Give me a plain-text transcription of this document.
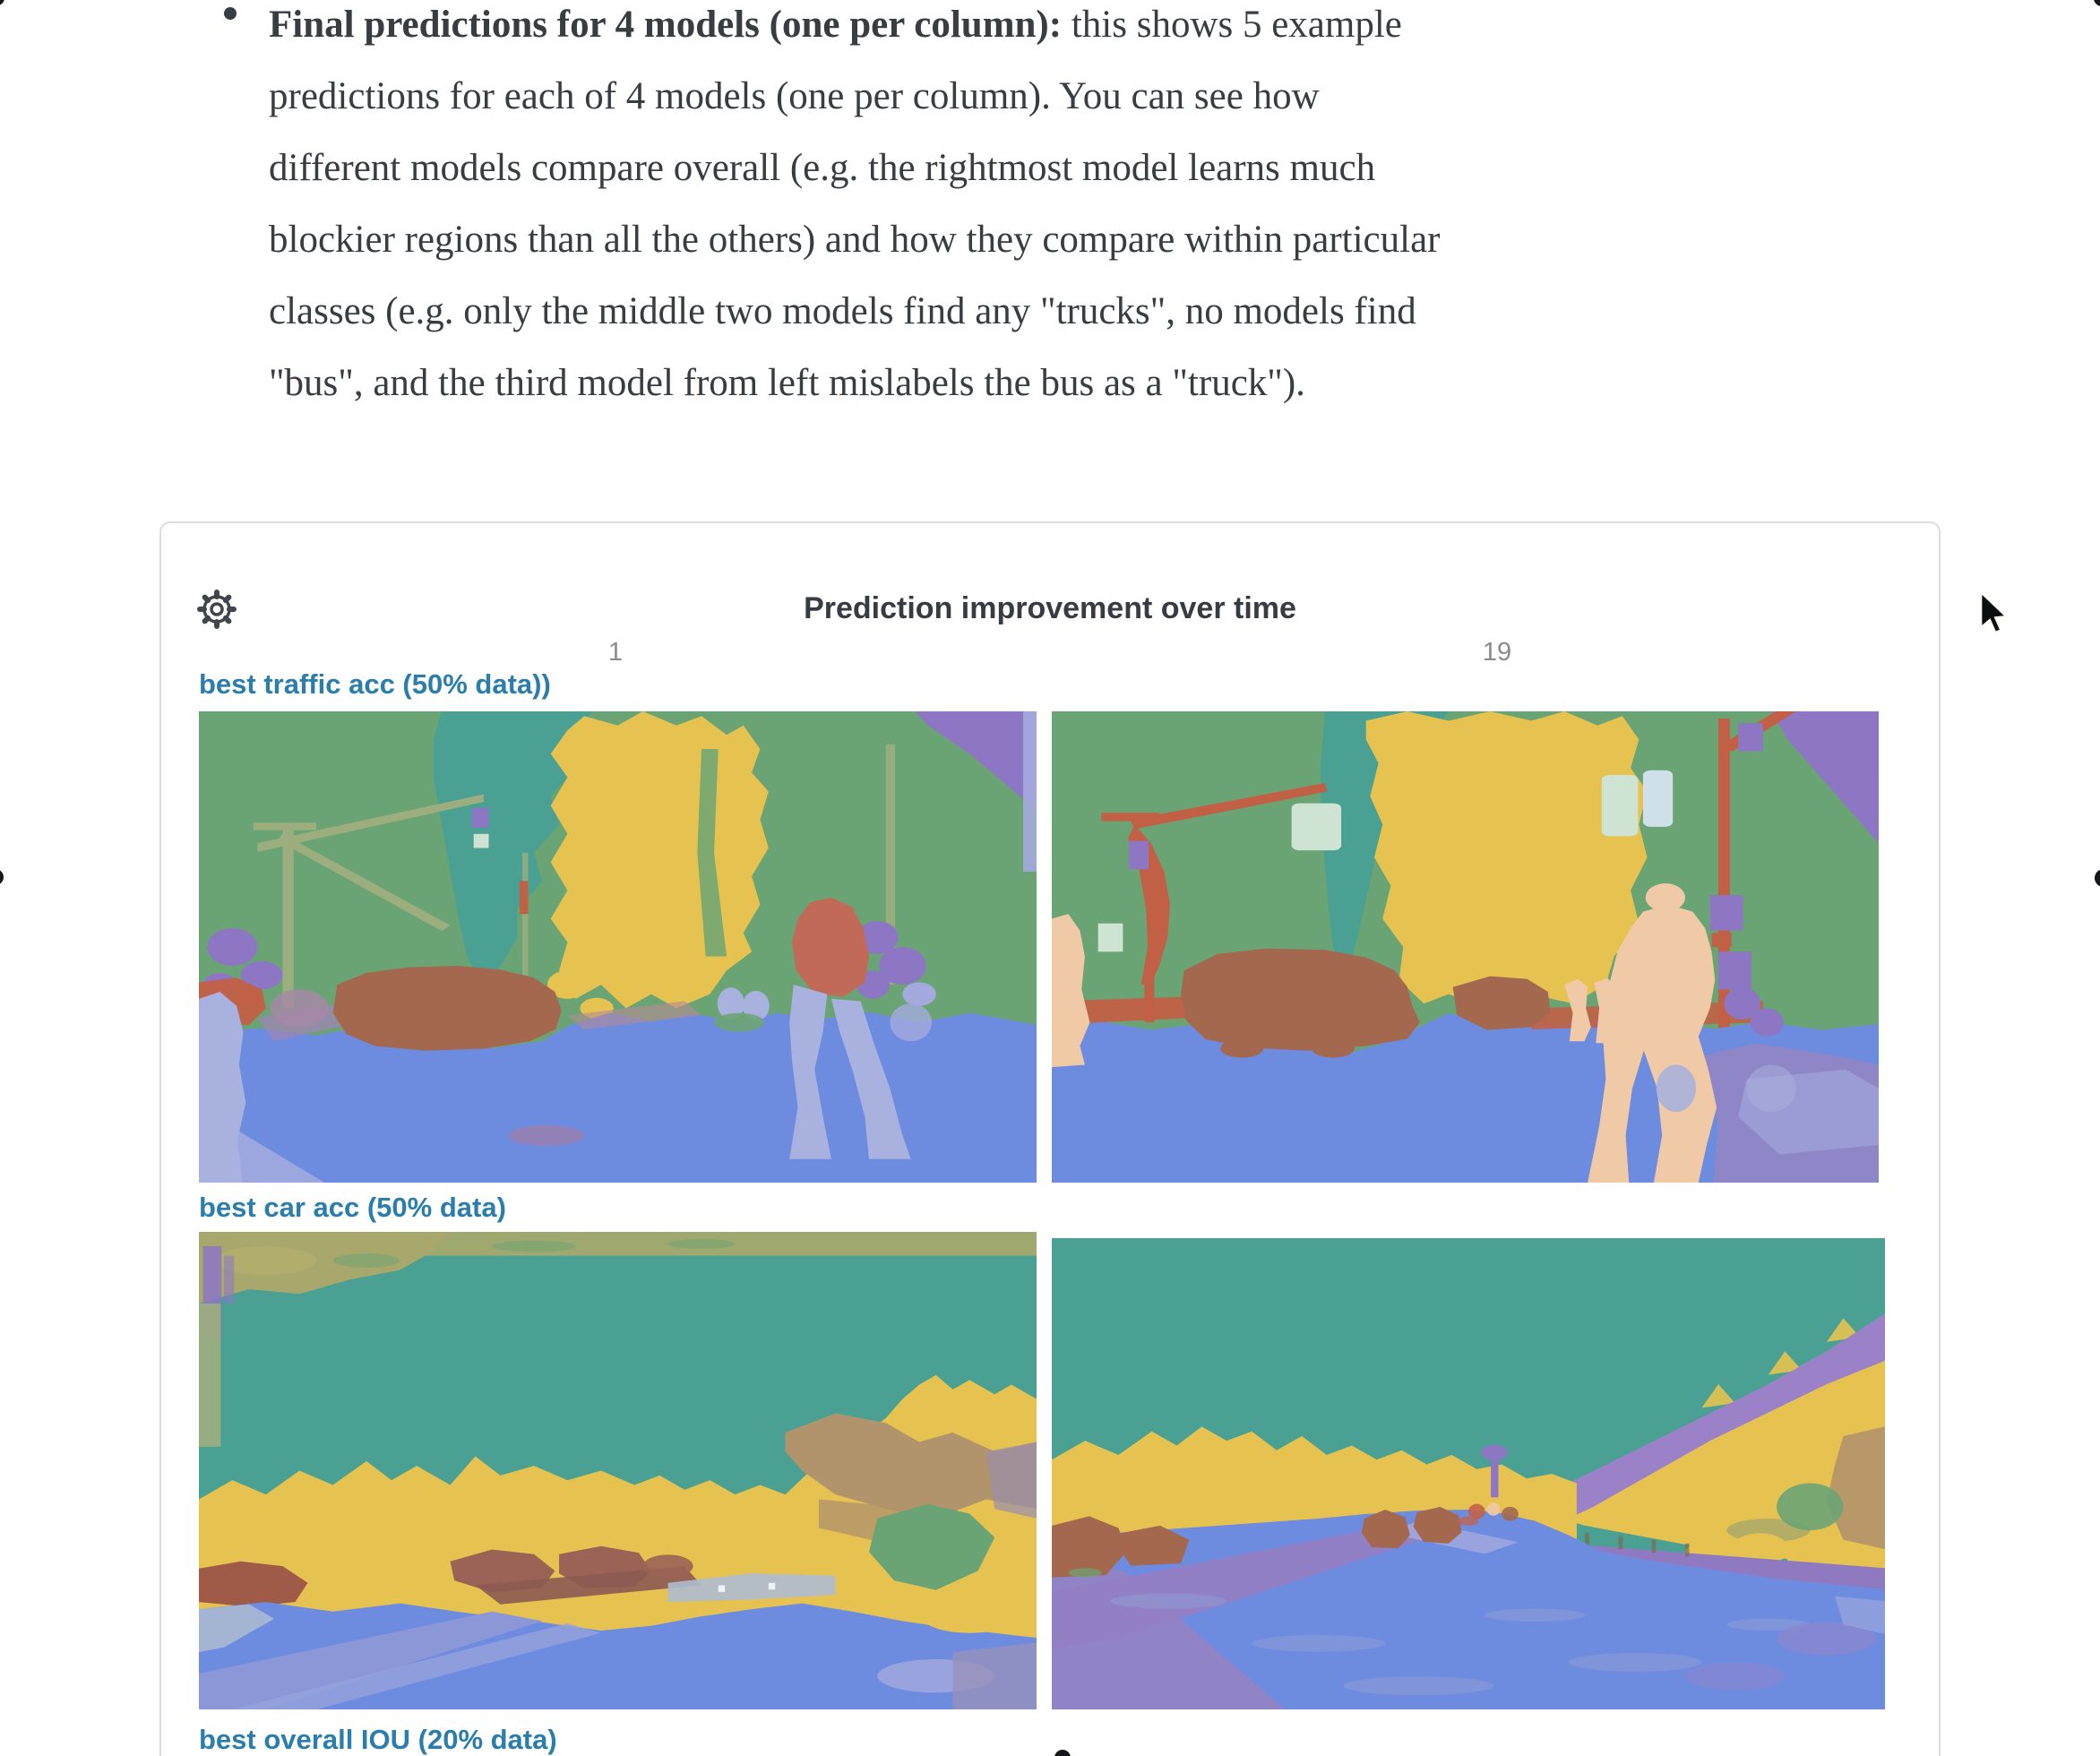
Final predictions for 4 models (one per column): this shows 5 example
predictions for each of 4 models (one per column). You can see how
different models compare overall (e.g. the rightmost model learns much
blockier regions than all the others) and how they compare within particular
classes (e.g. only the middle two models find any "trucks", no models find
"bus", and the third model from left mislabels the bus as a "truck").
Prediction improvement over time
1	19
best traffic acc (50% data))
best car acc (50% data)
best overall IOU (20% data)
